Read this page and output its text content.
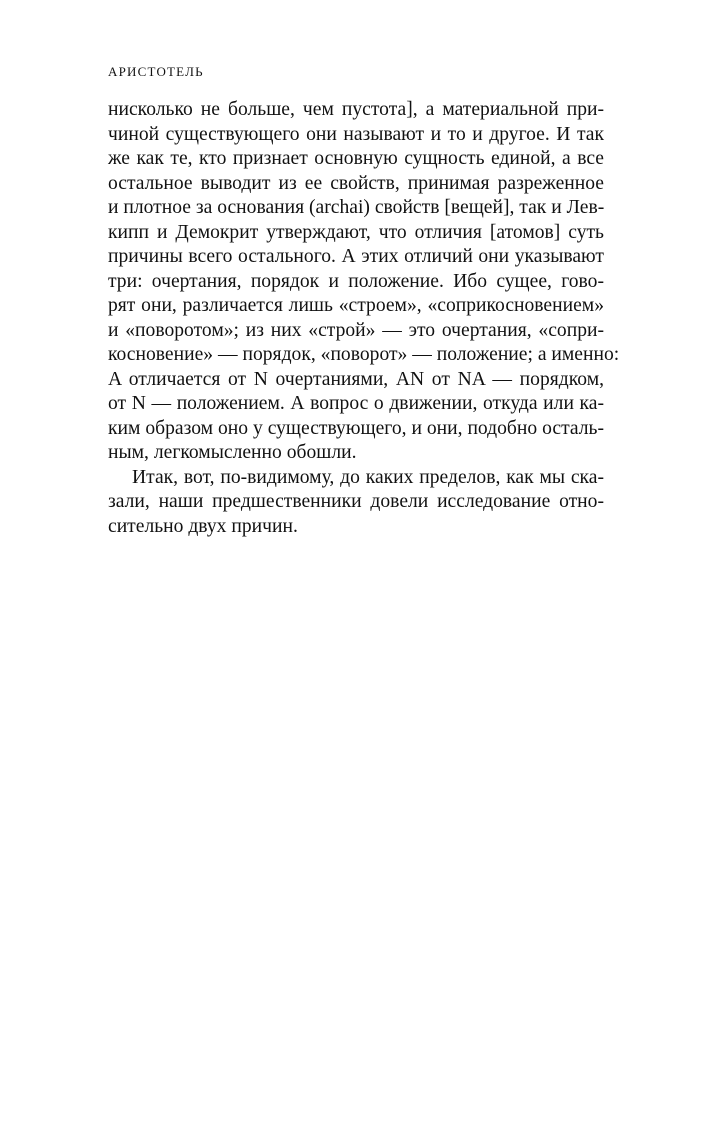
АРИСТОТЕЛЬ
нисколько не больше, чем пустота], а материальной при-
чиной существующего они называют и то и другое. И так
же как те, кто признает основную сущность единой, а все
остальное выводит из ее свойств, принимая разреженное
и плотное за основания (archai) свойств [вещей], так и Лев-
кипп и Демокрит утверждают, что отличия [атомов] суть
причины всего остального. А этих отличий они указывают
три: очертания, порядок и положение. Ибо сущее, гово-
рят они, различается лишь «строем», «соприкосновением»
и «поворотом»; из них «строй» — это очертания, «сопри-
косновение» — порядок, «поворот» — положение; а именно:
A отличается от N очертаниями, AN от NA — порядком,
от N — положением. А вопрос о движении, откуда или ка-
ким образом оно у существующего, и они, подобно осталь-
ным, легкомысленно обошли.
Итак, вот, по-видимому, до каких пределов, как мы ска-
зали, наши предшественники довели исследование отно-
сительно двух причин.
